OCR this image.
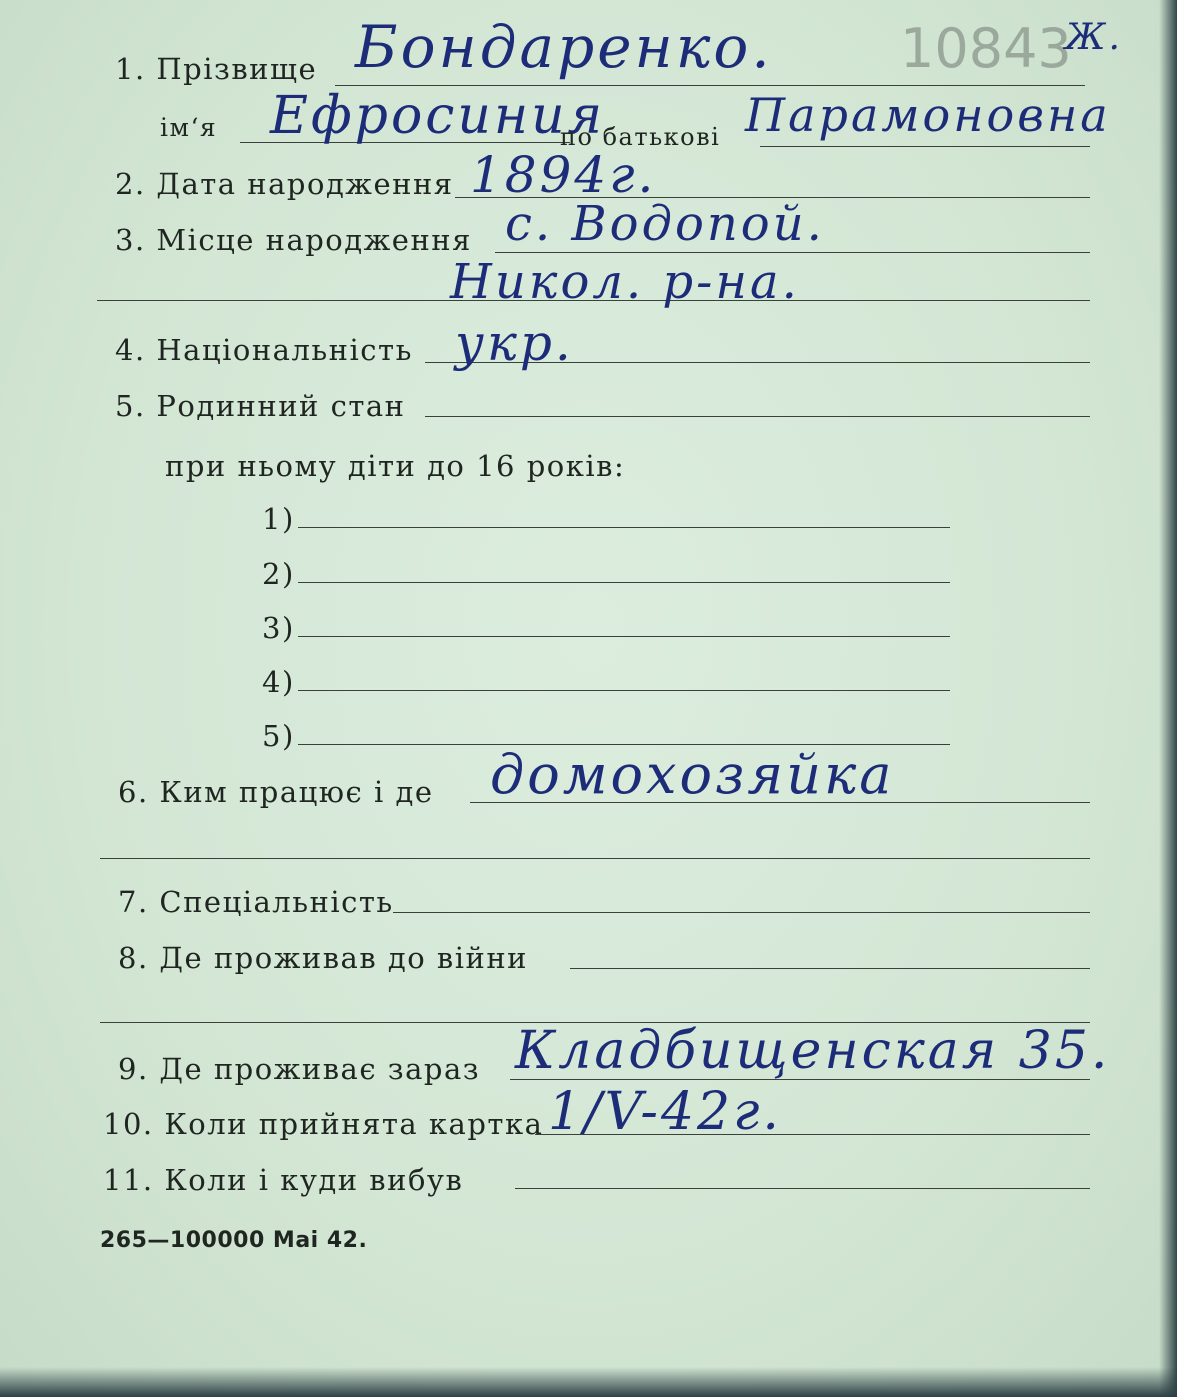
1. Прізвище Бондаренко. 10843
Ж.
ім‘я Ефросиния
по батькові Парамоновна
2. Дата народження 1894г.
3. Місце народження с. Водопой.
Никол. р-на.
4. Національність укр.
5. Родинний стан
при ньому діти до 16 років:
1)
2)
3)
4)
5)
6. Ким працює і де домохозяйка
7. Спеціальність
8. Де проживав до війни
9. Де проживає зараз Кладбищенская 35.
10. Коли прийнята картка 1/V-42г.
11. Коли і куди вибув
265—100000 Mai 42.
